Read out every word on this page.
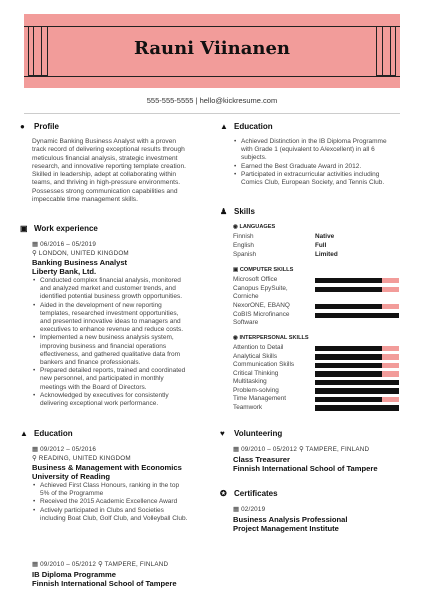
Rauni Viinanen
555-555-5555 | hello@kickresume.com
● Profile
Dynamic Banking Business Analyst with a proven
track record of delivering exceptional results through
meticulous financial analysis, strategic investment
research, and innovative reporting template creation.
Skilled in leadership, adept at collaborating within
teams, and thriving in high-pressure environments.
Possesses strong communication capabilities and
impeccable time management skills.
▣ Work experience
▦ 06/2016 – 05/2019
⚲ LONDON, UNITED KINGDOM
Banking Business Analyst
Liberty Bank, Ltd.
• Conducted complex financial analysis, monitored
and analyzed market and customer trends, and
identified potential business growth opportunities.
• Aided in the development of new reporting
templates, researched investment opportunities,
and presented innovative ideas to managers and
executives to enhance revenue and reduce costs.
• Implemented a new business analysis system,
improving business and financial operations
effectiveness, and gathered qualitative data from
bankers and finance professionals.
• Prepared detailed reports, trained and coordinated
new personnel, and participated in monthly
meetings with the Board of Directors.
• Acknowledged by executives for consistently
delivering exceptional work performance.
▲ Education
▦ 09/2012 – 05/2016
⚲ READING, UNITED KINGDOM
Business & Management with Economics
University of Reading
• Achieved First Class Honours, ranking in the top
5% of the Programme
• Received the 2015 Academic Excellence Award
• Actively participated in Clubs and Societies
including Boat Club, Golf Club, and Volleyball Club.
▦ 09/2010 – 05/2012 ⚲ TAMPERE, FINLAND
IB Diploma Programme
Finnish International School of Tampere
▲ Education
• Achieved Distinction in the IB Diploma Programme
with Grade 1 (equivalent to A/excellent) in all 6
subjects.
• Earned the Best Graduate Award in 2012.
• Participated in extracurricular activities including
Comics Club, European Society, and Tennis Club.
♟ Skills
◉ LANGUAGES
Finnish	Native
English	Full
Spanish	Limited
▣ COMPUTER SKILLS
Microsoft Office
Canopus EpySuite,
Corniche
NexorONE, EBANQ
CoBIS Microfinance
Software
◉ INTERPERSONAL SKILLS
Attention to Detail
Analytical Skills
Communication Skills
Critical Thinking
Multitasking
Problem-solving
Time Management
Teamwork
♥ Volunteering
▦ 09/2010 – 05/2012 ⚲ TAMPERE, FINLAND
Class Treasurer
Finnish International School of Tampere
✪ Certificates
▦ 02/2019
Business Analysis Professional
Project Management Institute
